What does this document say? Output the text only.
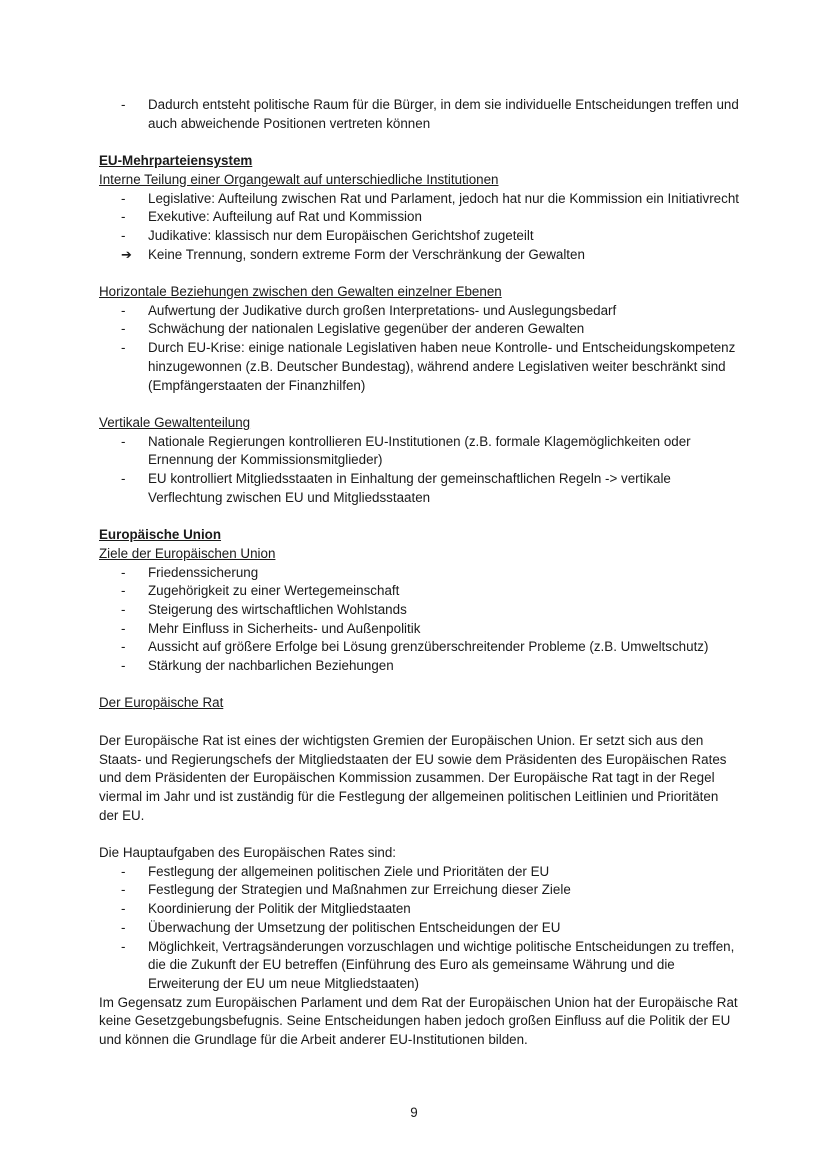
-	Dadurch entsteht politische Raum für die Bürger, in dem sie individuelle Entscheidungen treffen und auch abweichende Positionen vertreten können
EU-Mehrparteiensystem
Interne Teilung einer Organgewalt auf unterschiedliche Institutionen
-	Legislative: Aufteilung zwischen Rat und Parlament, jedoch hat nur die Kommission ein Initiativrecht
-	Exekutive: Aufteilung auf Rat und Kommission
-	Judikative: klassisch nur dem Europäischen Gerichtshof zugeteilt
➔	Keine Trennung, sondern extreme Form der Verschränkung der Gewalten
Horizontale Beziehungen zwischen den Gewalten einzelner Ebenen
-	Aufwertung der Judikative durch großen Interpretations- und Auslegungsbedarf
-	Schwächung der nationalen Legislative gegenüber der anderen Gewalten
-	Durch EU-Krise: einige nationale Legislativen haben neue Kontrolle- und Entscheidungskompetenz hinzugewonnen (z.B. Deutscher Bundestag), während andere Legislativen weiter beschränkt sind (Empfängerstaaten der Finanzhilfen)
Vertikale Gewaltenteilung
-	Nationale Regierungen kontrollieren EU-Institutionen (z.B. formale Klagemöglichkeiten oder Ernennung der Kommissionsmitglieder)
-	EU kontrolliert Mitgliedsstaaten in Einhaltung der gemeinschaftlichen Regeln -> vertikale Verflechtung zwischen EU und Mitgliedsstaaten
Europäische Union
Ziele der Europäischen Union
-	Friedenssicherung
-	Zugehörigkeit zu einer Wertegemeinschaft
-	Steigerung des wirtschaftlichen Wohlstands
-	Mehr Einfluss in Sicherheits- und Außenpolitik
-	Aussicht auf größere Erfolge bei Lösung grenzüberschreitender Probleme (z.B. Umweltschutz)
-	Stärkung der nachbarlichen Beziehungen
Der Europäische Rat

Der Europäische Rat ist eines der wichtigsten Gremien der Europäischen Union. Er setzt sich aus den Staats- und Regierungschefs der Mitgliedstaaten der EU sowie dem Präsidenten des Europäischen Rates und dem Präsidenten der Europäischen Kommission zusammen. Der Europäische Rat tagt in der Regel viermal im Jahr und ist zuständig für die Festlegung der allgemeinen politischen Leitlinien und Prioritäten der EU.

Die Hauptaufgaben des Europäischen Rates sind:

-	Festlegung der allgemeinen politischen Ziele und Prioritäten der EU
-	Festlegung der Strategien und Maßnahmen zur Erreichung dieser Ziele
-	Koordinierung der Politik der Mitgliedstaaten
-	Überwachung der Umsetzung der politischen Entscheidungen der EU
-	Möglichkeit, Vertragsänderungen vorzuschlagen und wichtige politische Entscheidungen zu treffen, die die Zukunft der EU betreffen (Einführung des Euro als gemeinsame Währung und die Erweiterung der EU um neue Mitgliedstaaten)

Im Gegensatz zum Europäischen Parlament und dem Rat der Europäischen Union hat der Europäische Rat keine Gesetzgebungsbefugnis. Seine Entscheidungen haben jedoch großen Einfluss auf die Politik der EU und können die Grundlage für die Arbeit anderer EU-Institutionen bilden.

9
